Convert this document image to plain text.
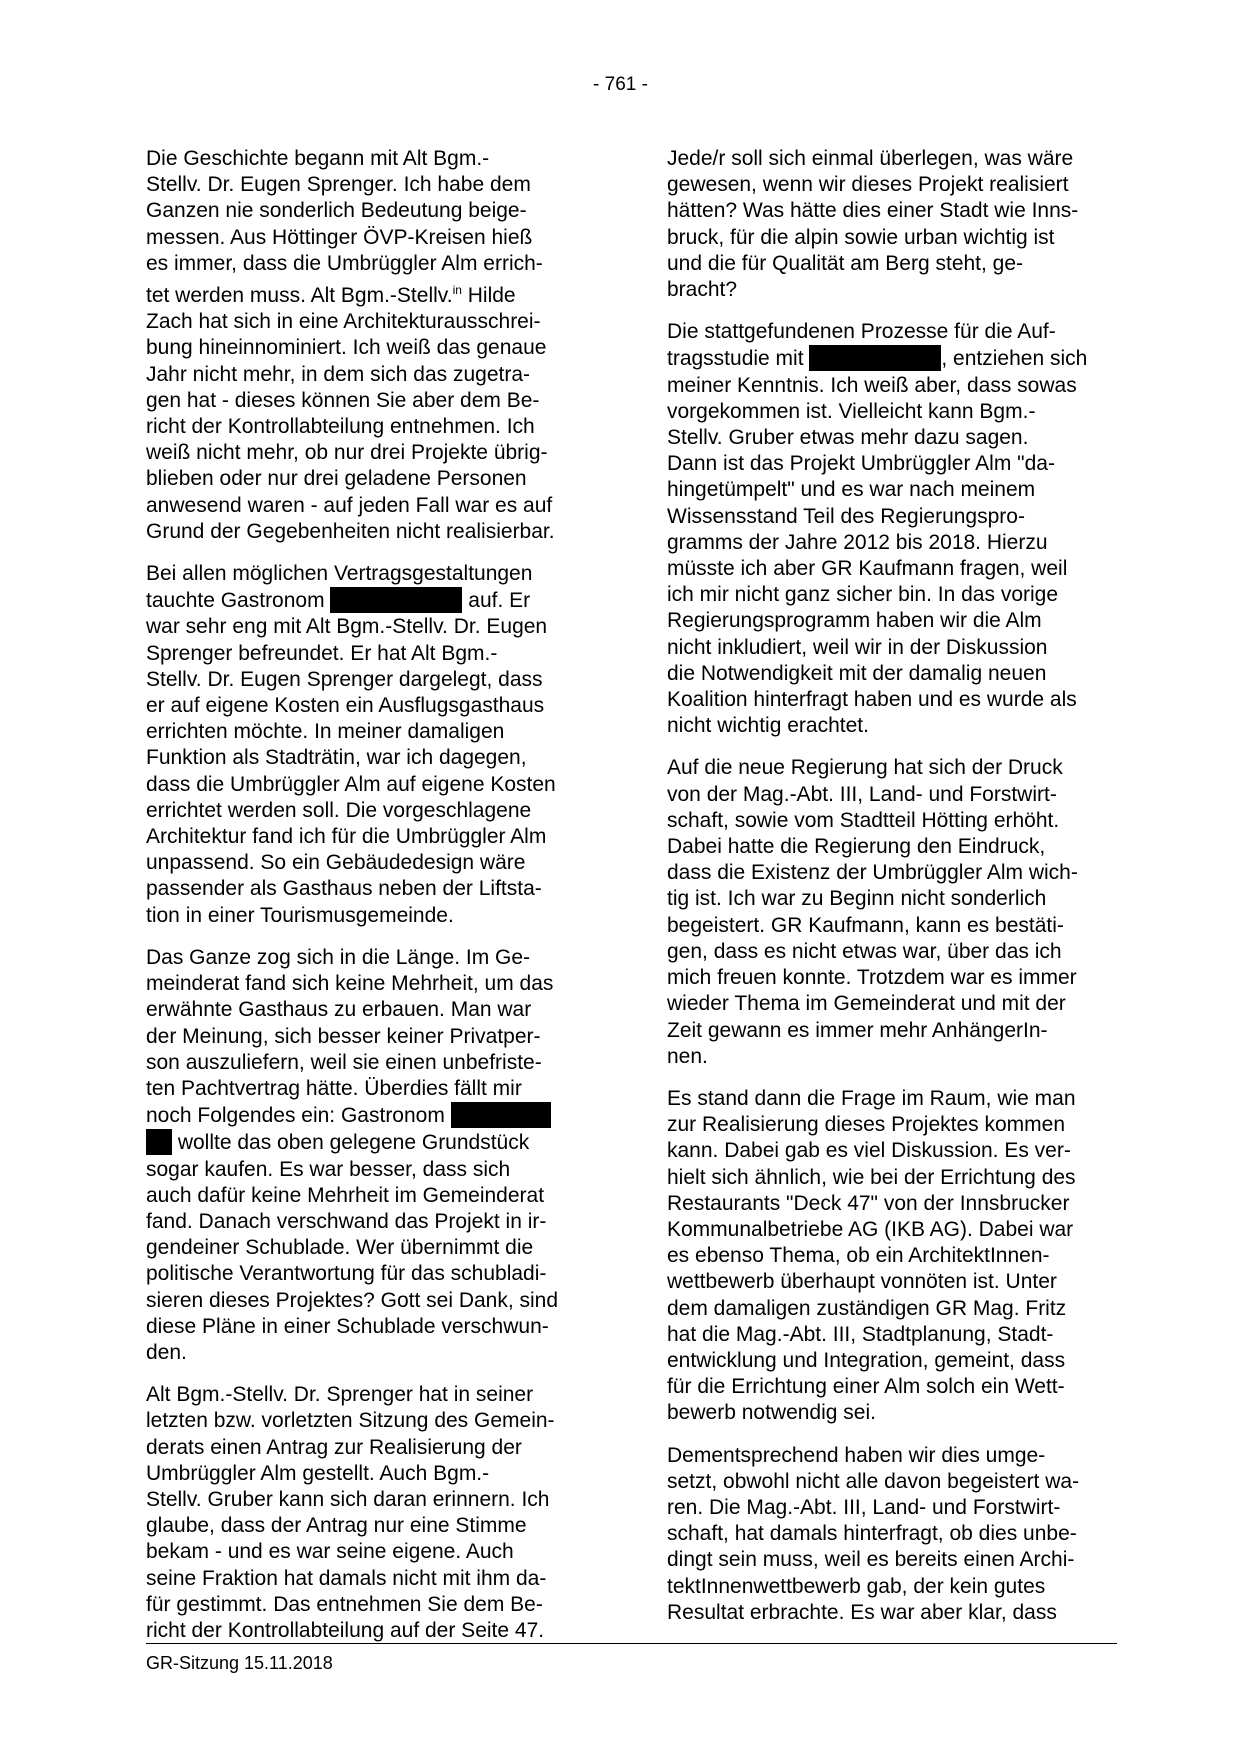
- 761 -

Die Geschichte begann mit Alt Bgm.-
Stellv. Dr. Eugen Sprenger. Ich habe dem
Ganzen nie sonderlich Bedeutung beige-
messen. Aus Höttinger ÖVP-Kreisen hieß
es immer, dass die Umbrüggler Alm errich-
tet werden muss. Alt Bgm.-Stellv.$^{in}$ Hilde
Zach hat sich in eine Architekturausschrei-
bung hineinnominiert. Ich weiß das genaue
Jahr nicht mehr, in dem sich das zugetra-
gen hat - dieses können Sie aber dem Be-
richt der Kontrollabteilung entnehmen. Ich
weiß nicht mehr, ob nur drei Projekte übrig-
blieben oder nur drei geladene Personen
anwesend waren - auf jeden Fall war es auf
Grund der Gegebenheiten nicht realisierbar.

Bei allen möglichen Vertragsgestaltungen
tauchte Gastronom	auf. Er
war sehr eng mit Alt Bgm.-Stellv. Dr. Eugen
Sprenger befreundet. Er hat Alt Bgm.-
Stellv. Dr. Eugen Sprenger dargelegt, dass
er auf eigene Kosten ein Ausflugsgasthaus
errichten möchte. In meiner damaligen
Funktion als Stadträtin, war ich dagegen,
dass die Umbrüggler Alm auf eigene Kosten
errichtet werden soll. Die vorgeschlagene
Architektur fand ich für die Umbrüggler Alm
unpassend. So ein Gebäudedesign wäre
passender als Gasthaus neben der Liftsta-
tion in einer Tourismusgemeinde.

Das Ganze zog sich in die Länge. Im Ge-
meinderat fand sich keine Mehrheit, um das
erwähnte Gasthaus zu erbauen. Man war
der Meinung, sich besser keiner Privatper-
son auszuliefern, weil sie einen unbefriste-
ten Pachtvertrag hätte. Überdies fällt mir
noch Folgendes ein: Gastronom
wollte das oben gelegene Grundstück
sogar kaufen. Es war besser, dass sich
auch dafür keine Mehrheit im Gemeinderat
fand. Danach verschwand das Projekt in ir-
gendeiner Schublade. Wer übernimmt die
politische Verantwortung für das schubladi-
sieren dieses Projektes? Gott sei Dank, sind
diese Pläne in einer Schublade verschwun-
den.

Alt Bgm.-Stellv. Dr. Sprenger hat in seiner
letzten bzw. vorletzten Sitzung des Gemein-
derats einen Antrag zur Realisierung der
Umbrüggler Alm gestellt. Auch Bgm.-
Stellv. Gruber kann sich daran erinnern. Ich
glaube, dass der Antrag nur eine Stimme
bekam - und es war seine eigene. Auch
seine Fraktion hat damals nicht mit ihm da-
für gestimmt. Das entnehmen Sie dem Be-
richt der Kontrollabteilung auf der Seite 47.

Jede/r soll sich einmal überlegen, was wäre
gewesen, wenn wir dieses Projekt realisiert
hätten? Was hätte dies einer Stadt wie Inns-
bruck, für die alpin sowie urban wichtig ist
und die für Qualität am Berg steht, ge-
bracht?

Die stattgefundenen Prozesse für die Auf-
tragsstudie mit	, entziehen sich
meiner Kenntnis. Ich weiß aber, dass sowas
vorgekommen ist. Vielleicht kann Bgm.-
Stellv. Gruber etwas mehr dazu sagen.
Dann ist das Projekt Umbrüggler Alm "da-
hingetümpelt" und es war nach meinem
Wissensstand Teil des Regierungspro-
gramms der Jahre 2012 bis 2018. Hierzu
müsste ich aber GR Kaufmann fragen, weil
ich mir nicht ganz sicher bin. In das vorige
Regierungsprogramm haben wir die Alm
nicht inkludiert, weil wir in der Diskussion
die Notwendigkeit mit der damalig neuen
Koalition hinterfragt haben und es wurde als
nicht wichtig erachtet.

Auf die neue Regierung hat sich der Druck
von der Mag.-Abt. III, Land- und Forstwirt-
schaft, sowie vom Stadtteil Hötting erhöht.
Dabei hatte die Regierung den Eindruck,
dass die Existenz der Umbrüggler Alm wich-
tig ist. Ich war zu Beginn nicht sonderlich
begeistert. GR Kaufmann, kann es bestäti-
gen, dass es nicht etwas war, über das ich
mich freuen konnte. Trotzdem war es immer
wieder Thema im Gemeinderat und mit der
Zeit gewann es immer mehr AnhängerIn-
nen.

Es stand dann die Frage im Raum, wie man
zur Realisierung dieses Projektes kommen
kann. Dabei gab es viel Diskussion. Es ver-
hielt sich ähnlich, wie bei der Errichtung des
Restaurants "Deck 47" von der Innsbrucker
Kommunalbetriebe AG (IKB AG). Dabei war
es ebenso Thema, ob ein ArchitektInnen-
wettbewerb überhaupt vonnöten ist. Unter
dem damaligen zuständigen GR Mag. Fritz
hat die Mag.-Abt. III, Stadtplanung, Stadt-
entwicklung und Integration, gemeint, dass
für die Errichtung einer Alm solch ein Wett-
bewerb notwendig sei.

Dementsprechend haben wir dies umge-
setzt, obwohl nicht alle davon begeistert wa-
ren. Die Mag.-Abt. III, Land- und Forstwirt-
schaft, hat damals hinterfragt, ob dies unbe-
dingt sein muss, weil es bereits einen Archi-
tektInnenwettbewerb gab, der kein gutes
Resultat erbrachte. Es war aber klar, dass

GR-Sitzung 15.11.2018
